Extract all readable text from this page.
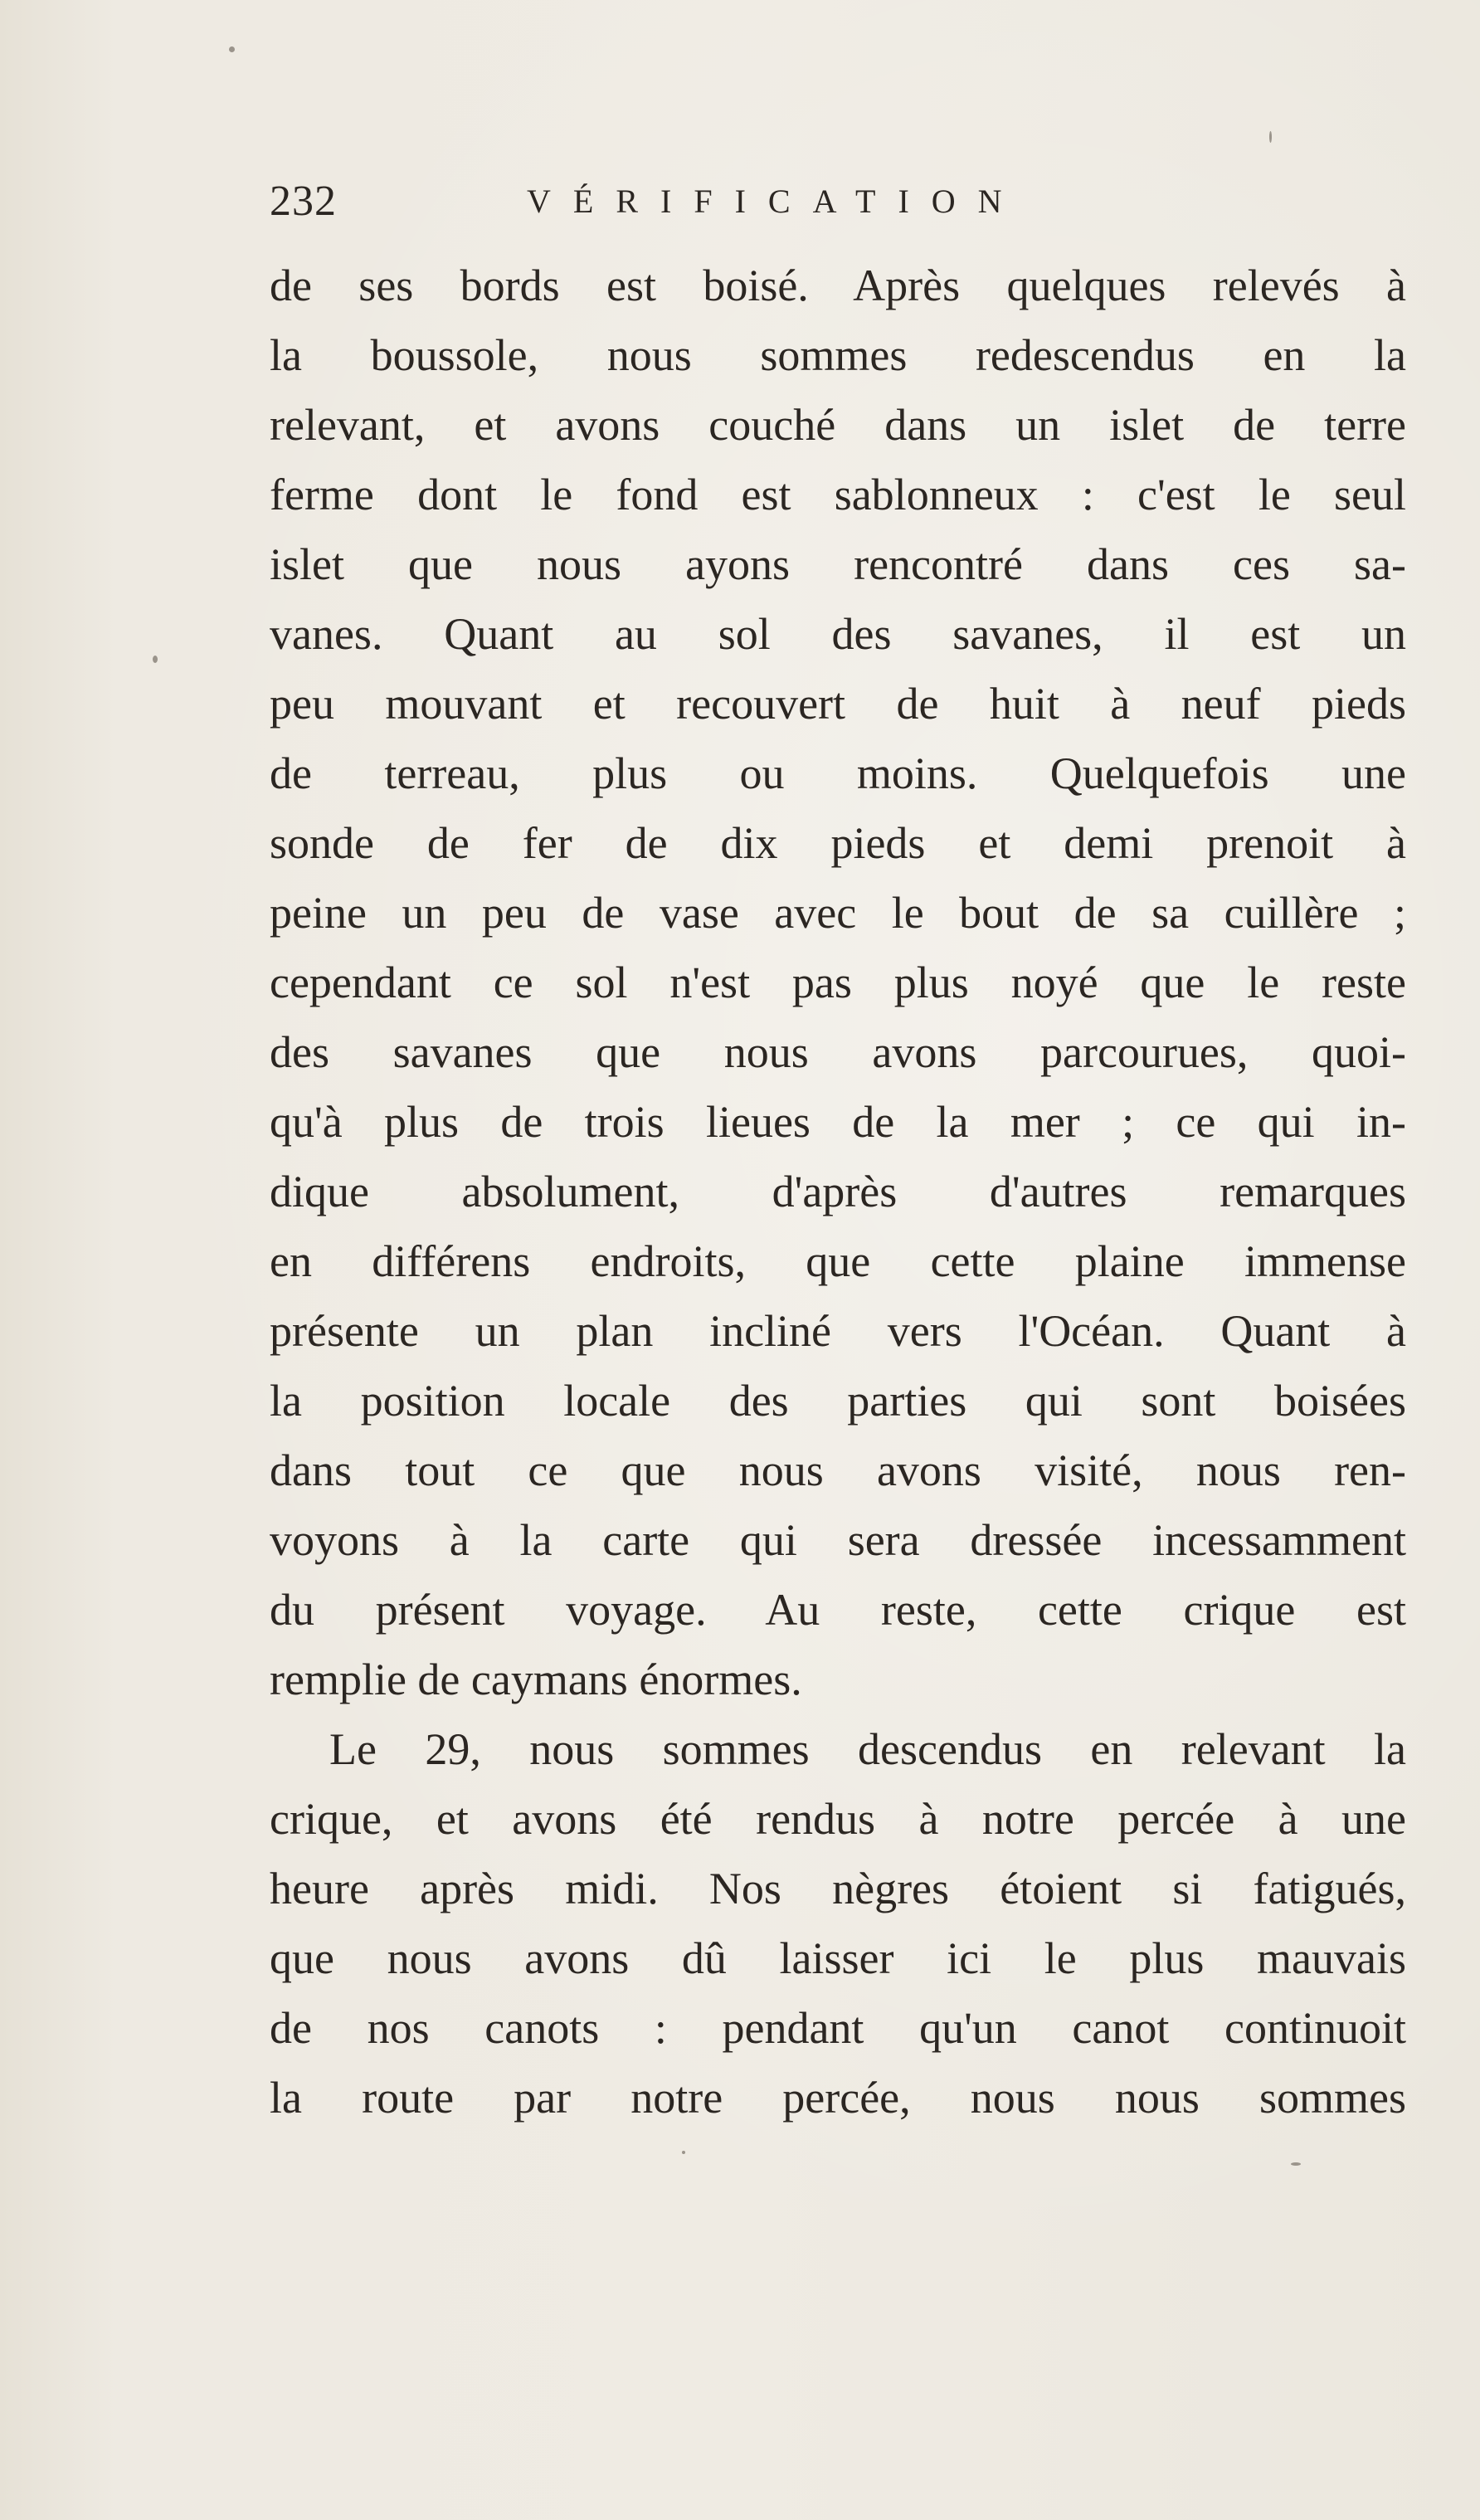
232	VÉRIFICATION
de ses bords est boisé. Après quelques relevés à
la boussole, nous sommes redescendus en la
relevant, et avons couché dans un islet de terre
ferme dont le fond est sablonneux : c'est le seul
islet que nous ayons rencontré dans ces sa-
vanes. Quant au sol des savanes, il est un
peu mouvant et recouvert de huit à neuf pieds
de terreau, plus ou moins. Quelquefois une
sonde de fer de dix pieds et demi prenoit à
peine un peu de vase avec le bout de sa cuillère ;
cependant ce sol n'est pas plus noyé que le reste
des savanes que nous avons parcourues, quoi-
qu'à plus de trois lieues de la mer ; ce qui in-
dique absolument, d'après d'autres remarques
en différens endroits, que cette plaine immense
présente un plan incliné vers l'Océan. Quant à
la position locale des parties qui sont boisées
dans tout ce que nous avons visité, nous ren-
voyons à la carte qui sera dressée incessamment
du présent voyage. Au reste, cette crique est
remplie de caymans énormes.
Le 29, nous sommes descendus en relevant la
crique, et avons été rendus à notre percée à une
heure après midi. Nos nègres étoient si fatigués,
que nous avons dû laisser ici le plus mauvais
de nos canots : pendant qu'un canot continuoit
la route par notre percée, nous nous sommes
